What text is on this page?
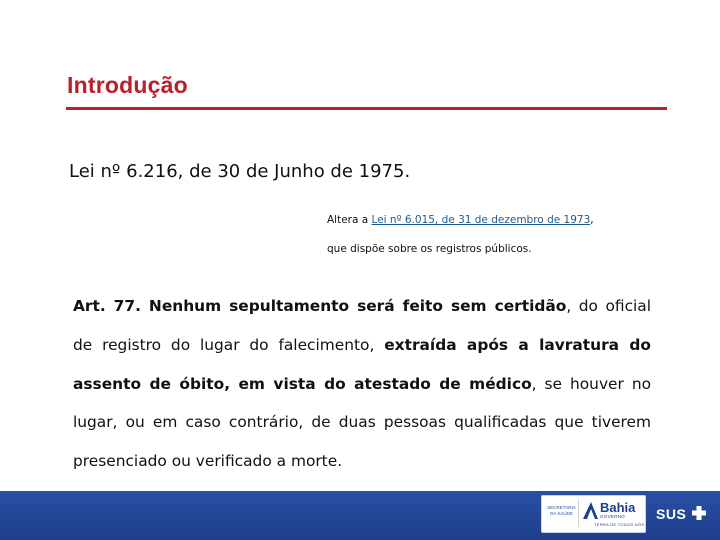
Introdução
Lei nº 6.216, de 30 de Junho de 1975.
Altera a Lei nº 6.015, de 31 de dezembro de 1973,
que dispõe sobre os registros públicos.
Art. 77. Nenhum sepultamento será feito sem certidão, do oficial de registro do lugar do falecimento, extraída após a lavratura do assento de óbito, em vista do atestado de médico, se houver no lugar, ou em caso contrário, de duas pessoas qualificadas que tiverem presenciado ou verificado a morte.
SECRETARIA DA SAÚDE	Bahia
GOVERNO
TERRA DE TODOS NÓS
SUS
